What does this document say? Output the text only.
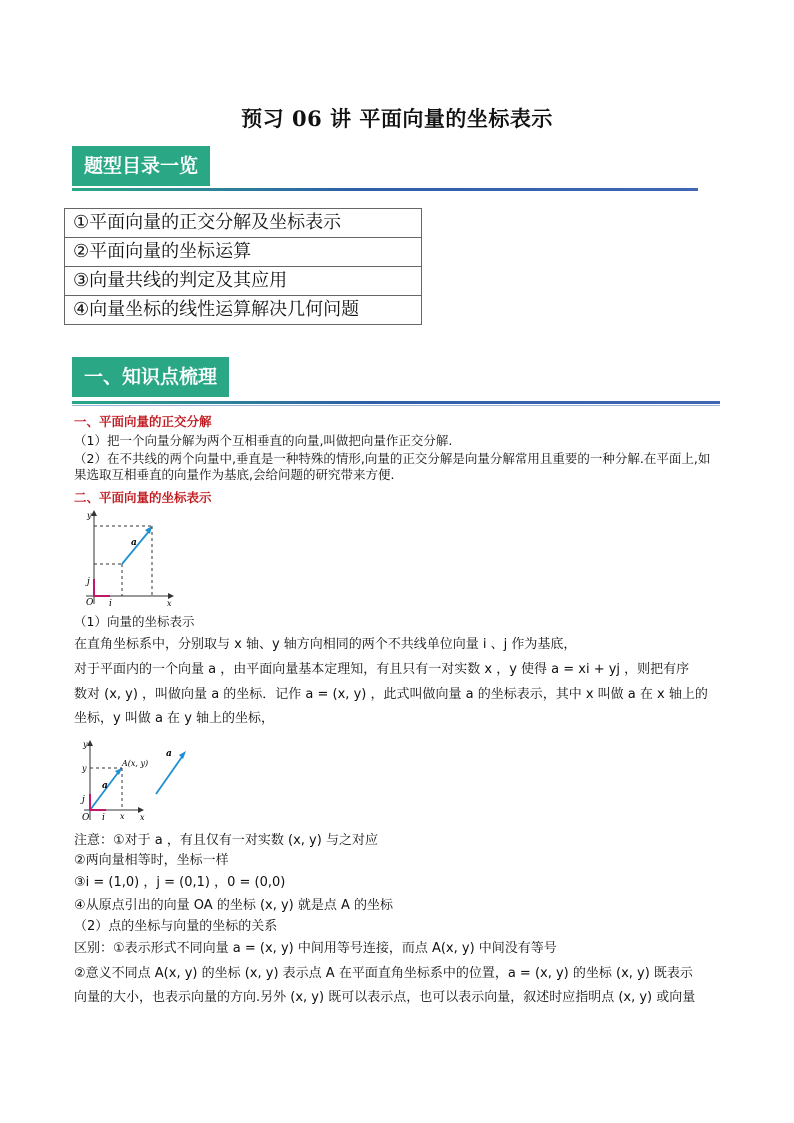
预习 06 讲 平面向量的坐标表示
题型目录一览
①平面向量的正交分解及坐标表示
②平面向量的坐标运算
③向量共线的判定及其应用
④向量坐标的线性运算解决几何问题
一、知识点梳理
一、平面向量的正交分解
（1）把一个向量分解为两个互相垂直的向量,叫做把向量作正交分解.
（2）在不共线的两个向量中,垂直是一种特殊的情形,向量的正交分解是向量分解常用且重要的一种分解.在平面上,如果选取互相垂直的向量作为基底,会给问题的研究带来方便.
二、平面向量的坐标表示
y
x
O i
j
a
（1）向量的坐标表示
在直角坐标系中，分别取与 x 轴、y 轴方向相同的两个不共线单位向量 i 、j 作为基底，
对于平面内的一个向量 a ，由平面向量基本定理知，有且只有一对实数 x ，y 使得 a = xi + yj ，则把有序
数对 (x, y) ，叫做向量 a 的坐标．记作 a = (x, y) ，此式叫做向量 a 的坐标表示，其中 x 叫做 a 在 x 轴上的
坐标，y 叫做 a 在 y 轴上的坐标，
y
x
y
x
O i
j
a
a
A(x, y)
注意：①对于 a ，有且仅有一对实数 (x, y) 与之对应
②两向量相等时，坐标一样
③i = (1,0) ，j = (0,1) ，0 = (0,0)
④从原点引出的向量 OA 的坐标 (x, y) 就是点 A 的坐标
（2）点的坐标与向量的坐标的关系
区别：①表示形式不同向量 a = (x, y) 中间用等号连接，而点 A(x, y) 中间没有等号
②意义不同点 A(x, y) 的坐标 (x, y) 表示点 A 在平面直角坐标系中的位置，a = (x, y) 的坐标 (x, y) 既表示
向量的大小，也表示向量的方向.另外 (x, y) 既可以表示点，也可以表示向量，叙述时应指明点 (x, y) 或向量
